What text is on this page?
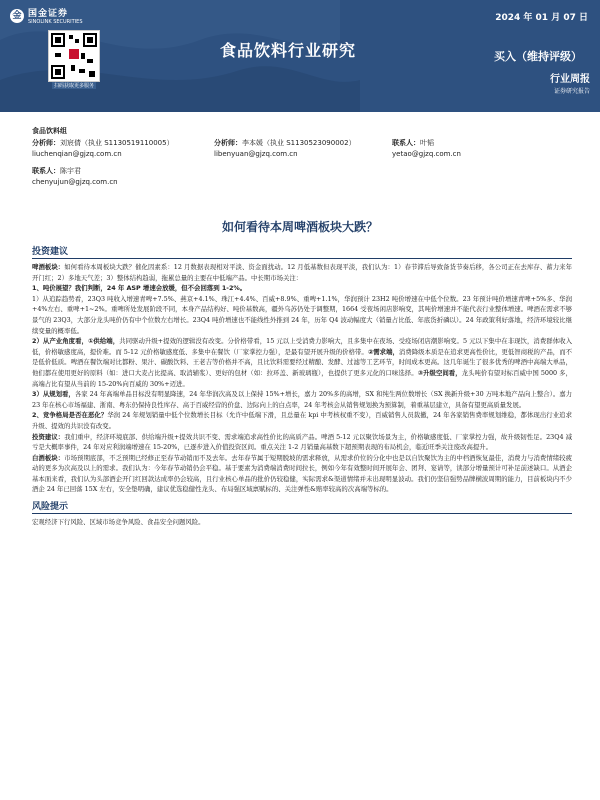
金 国金证券
SINOLINK SECURITIES	2024 年 01 月 07 日
扫码获取更多服务
食品饮料行业研究	买入（维持评级）
行业周报
证券研究报告
食品饮料组
分析师：刘宸倩（执业 S1130519110005）	分析师：李本媛（执业 S1130523090002）	联系人：叶韬
liuchenqian@gjzq.com.cn	libenyuan@gjzq.com.cn	yetao@gjzq.com.cn
联系人：陈宇君
chenyujun@gjzq.com.cn
如何看待本周啤酒板块大跌？
投资建议

啤酒板块：如何看待本周板块大跌？催化因素系：12 月数据表现相对平淡、资金面扰动。12 月低基数但表现平淡，我们认为：1）春节滞后导致备货节奏后移，各公司正在去库存、蓄力来年开门红；2）多地天气差；3）整体结构趋弱，拖累总量的主要在中低端产品。中长期市场关注：

1、吨价展望？我们判断，24 年 ASP 增速会放缓，但不会回落到 1-2%。

1）从追踪趋势看，23Q3 吨收入增速青啤+7.5%、燕京+4.1%、珠江+4.4%、百威+8.9%、重啤+1.1%，华润预计 23H2 吨价增速在中低个位数。23 年预计吨价增速青啤+5%多、华润+4%左右、重啤+1~2%。重啤所处发展阶段不同，本身产品结构好、吨价基数高，疆外乌苏仍处于调整期，1664 受夜场闲店影响变，其吨价增速并不能代表行业整体增速。啤酒在需求不够景气的 23Q3，大部分龙头吨价仍有中个位数左右增长。23Q4 吨价增速也不能线性外推到 24 年，历年 Q4 波动幅度大（销量占比低、年底货折磷以）。24 年政策利好落地，经济环境较比继续变量的概率低。

2）从产业角度看，①供给端，共同驱动升级+提效的逻辑没有改变。分价格带看，15 元以上受消费力影响大，且多集中在夜场、受疫场闭店潮影响变。5 元以下集中在非现饮，消费群体收入低，价格敏感度高，提价难。而 5-12 元价格敏感度低、多集中在餐饮（厂家掌控力强），是最有望开展升级的价格带。②需求端，消费降级本质是在追求更高性价比，更低智商税的产品，而不是低价低质。啤酒在餐饮端对比都粉、果汁、碳酸饮料、王老吉等价格并不高，且比饮料需要经过精酿、发酵、过滤等工艺环节，时间成本更高。这几年诞生了很多优秀的啤酒中高端大单品，他们都在使用更好的原料（如：进口大麦占比提高、取消辅浆）、更好的包材（如：拉环盖、新玻璃瓶），也提供了更多元化的口味选择。③升级空间看，龙头吨价有望对标百威中国 5000 多，高端占比有望从当前的 15-20%向百威的 30%+迈进。

3）从规划看，各家 24 年高端单品目标没有明显降速，24 年华润次高及以上保持 15%+增长，嘉力 20%多的高增，SX 和纯生两位数增长（SX 换新升级+30 万吨本地产品向上整合）。嘉力 23 年在核心市场福建、浙南、粤东仍保持良性库存、高于百威经营的价盘、边际向上的白点率，24 年考核会从销售规划换为预算制，着重基层建立，具备有望更高质量发展。

2、竞争格局是否在恶化？华润 24 年规划销量中低个位数增长目标（允许中低端下滑，且总量在 kpi 中考核权重不变），百威销售人员裁撤，24 年各家销售费率规划维稳，都体现出行业追求升级、提效的共识没有改变。

投资建议：我们重申，经济环境底部、供给端升级+提效共识不变、需求端追求高性价比的高质产品。啤酒 5-12 元以聚饮场景为主，价格敏感度低、厂家掌控力强，故升级韧性足。23Q4 减亏是大概率事件，24 年对应利润端增速在 15-20%，已逐步进入价值投资区间。重点关注 1-2 月销量高基数下超预期表现的布局机会，临近旺季关注废改高提升。

白酒板块：市场预期底部，不乏预期已经修正至春节动销而不及去年。去年春节属于短期脱坡的需求释放，从需求价位的分化中也是以自饮聚饮为主的中档酒恢复最佳，消费力与消费情绪较疲动的更多为次高及以上的需求。我们认为：今年春节动销仍会平稳。基于要素为消费端消费时间拉长，例如今年有效整时间开展年会、团拜、宴请等，读部分增量预计可补足前述缺口。从酒企基本面来看，我们认为头部酒企开门红回款达成率仍会较高，且行业核心单品的批价仍较稳健，实际需求&渠道情绪并未出现明显波动。我们仍坚信强势品牌横波周期的能力，目前板块内不少酒企 24 年已回落 15X 左右，安全垫明确，建议优选稳健性龙头、布局强区域禀赋标的、关注弹性&赔率较高的次高端等标的。

风险提示

宏观经济下行风险、区域市场竞争风险、食品安全问题风险。
